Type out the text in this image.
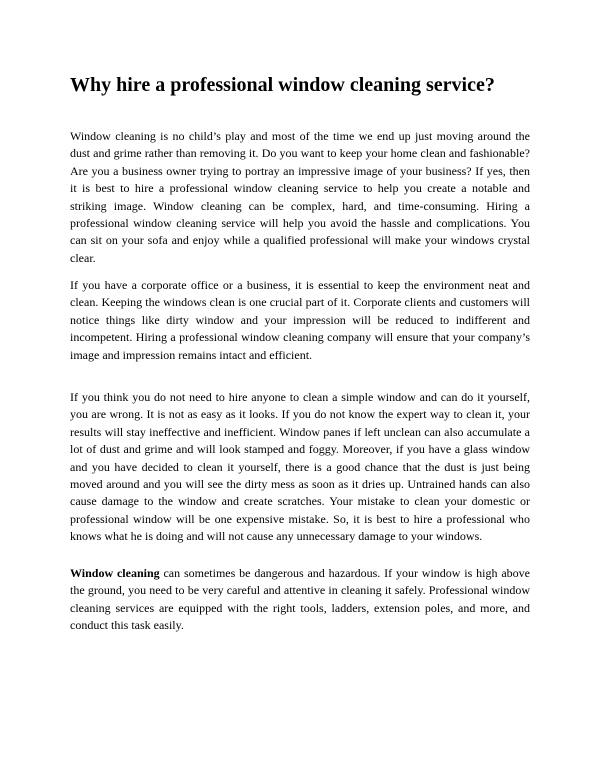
Why hire a professional window cleaning service?

Window cleaning is no child’s play and most of the time we end up just moving around the dust and grime rather than removing it. Do you want to keep your home clean and fashionable? Are you a business owner trying to portray an impressive image of your business? If yes, then it is best to hire a professional window cleaning service to help you create a notable and striking image. Window cleaning can be complex, hard, and time-consuming. Hiring a professional window cleaning service will help you avoid the hassle and complications. You can sit on your sofa and enjoy while a qualified professional will make your windows crystal clear.

If you have a corporate office or a business, it is essential to keep the environment neat and clean. Keeping the windows clean is one crucial part of it. Corporate clients and customers will notice things like dirty window and your impression will be reduced to indifferent and incompetent. Hiring a professional window cleaning company will ensure that your company’s image and impression remains intact and efficient.

If you think you do not need to hire anyone to clean a simple window and can do it yourself, you are wrong. It is not as easy as it looks. If you do not know the expert way to clean it, your results will stay ineffective and inefficient. Window panes if left unclean can also accumulate a lot of dust and grime and will look stamped and foggy. Moreover, if you have a glass window and you have decided to clean it yourself, there is a good chance that the dust is just being moved around and you will see the dirty mess as soon as it dries up. Untrained hands can also cause damage to the window and create scratches. Your mistake to clean your domestic or professional window will be one expensive mistake. So, it is best to hire a professional who knows what he is doing and will not cause any unnecessary damage to your windows.

Window cleaning can sometimes be dangerous and hazardous. If your window is high above the ground, you need to be very careful and attentive in cleaning it safely. Professional window cleaning services are equipped with the right tools, ladders, extension poles, and more, and conduct this task easily.
